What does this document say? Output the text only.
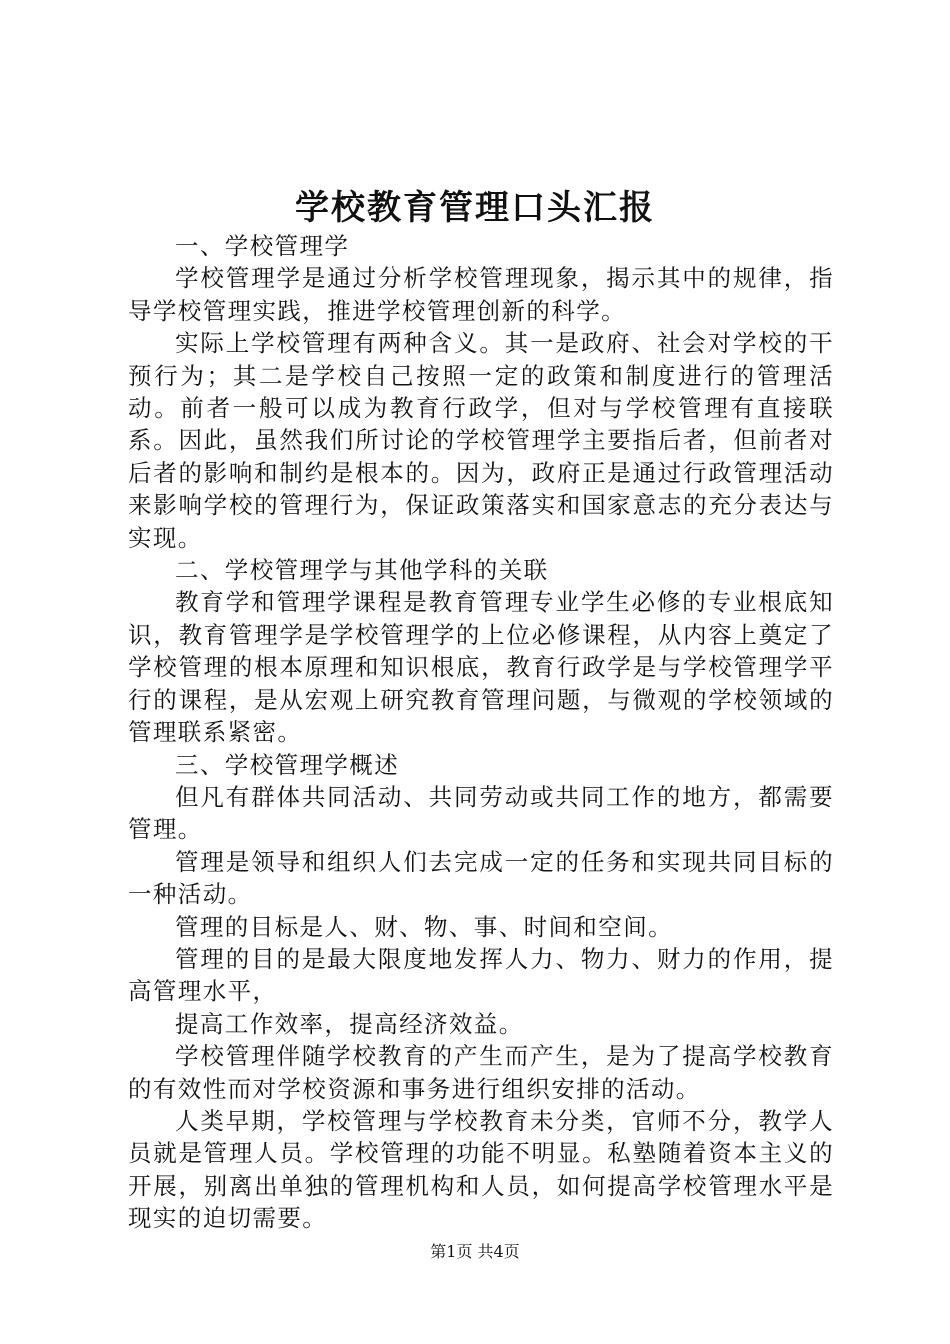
学校教育管理口头汇报

一、学校管理学

学校管理学是通过分析学校管理现象，揭示其中的规律，指导学校管理实践，推进学校管理创新的科学。

实际上学校管理有两种含义。其一是政府、社会对学校的干预行为；其二是学校自己按照一定的政策和制度进行的管理活动。前者一般可以成为教育行政学，但对与学校管理有直接联系。因此，虽然我们所讨论的学校管理学主要指后者，但前者对后者的影响和制约是根本的。因为，政府正是通过行政管理活动来影响学校的管理行为，保证政策落实和国家意志的充分表达与实现。

二、学校管理学与其他学科的关联

教育学和管理学课程是教育管理专业学生必修的专业根底知识，教育管理学是学校管理学的上位必修课程，从内容上奠定了学校管理的根本原理和知识根底，教育行政学是与学校管理学平行的课程，是从宏观上研究教育管理问题，与微观的学校领域的管理联系紧密。

三、学校管理学概述

但凡有群体共同活动、共同劳动或共同工作的地方，都需要管理。

管理是领导和组织人们去完成一定的任务和实现共同目标的一种活动。

管理的目标是人、财、物、事、时间和空间。

管理的目的是最大限度地发挥人力、物力、财力的作用，提高管理水平，

提高工作效率，提高经济效益。

学校管理伴随学校教育的产生而产生，是为了提高学校教育的有效性而对学校资源和事务进行组织安排的活动。

人类早期，学校管理与学校教育未分类，官师不分，教学人员就是管理人员。学校管理的功能不明显。私塾随着资本主义的开展，别离出单独的管理机构和人员，如何提高学校管理水平是现实的迫切需要。

第1页 共4页
